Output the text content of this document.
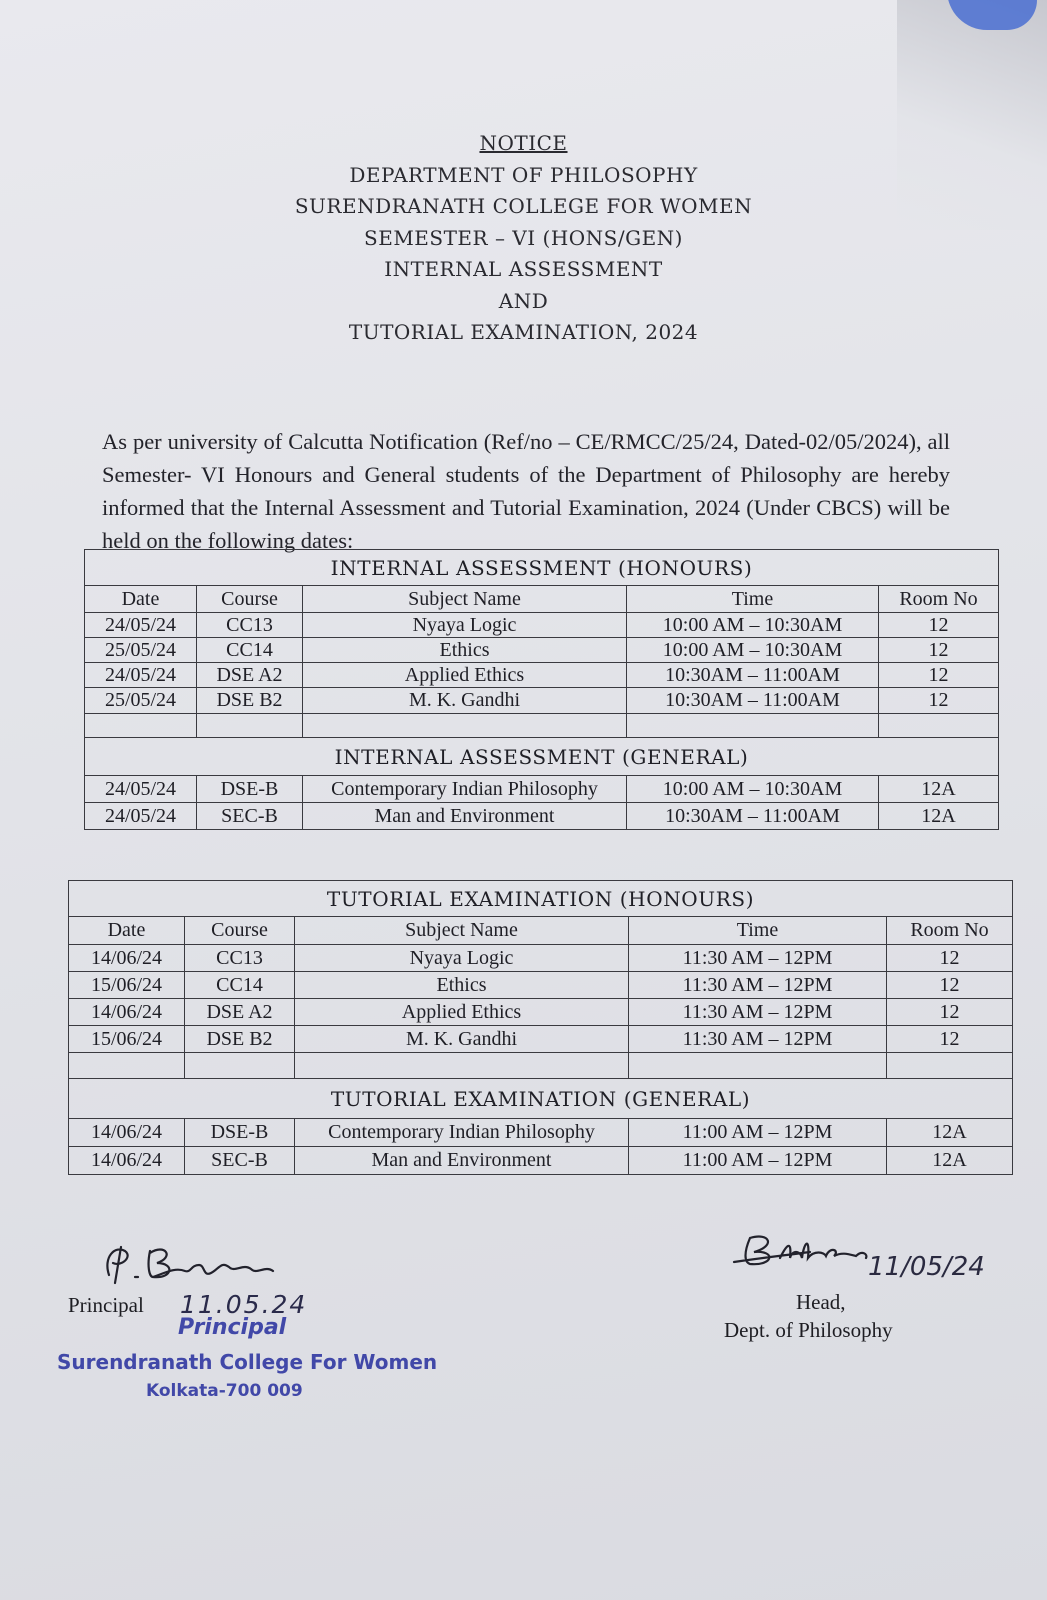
NOTICE
DEPARTMENT OF PHILOSOPHY
SURENDRANATH COLLEGE FOR WOMEN
SEMESTER – VI (HONS/GEN)
INTERNAL ASSESSMENT
AND
TUTORIAL EXAMINATION, 2024

As per university of Calcutta Notification (Ref/no – CE/RMCC/25/24, Dated-02/05/2024), all Semester- VI Honours and General students of the Department of Philosophy are hereby informed that the Internal Assessment and Tutorial Examination, 2024 (Under CBCS) will be held on the following dates:

INTERNAL ASSESSMENT (HONOURS)				
Date	Course	Subject Name	Time	Room No
24/05/24	CC13	Nyaya Logic	10:00 AM – 10:30AM	12
25/05/24	CC14	Ethics	10:00 AM – 10:30AM	12
24/05/24	DSE A2	Applied Ethics	10:30AM – 11:00AM	12
25/05/24	DSE B2	M. K. Gandhi	10:30AM – 11:00AM	12

INTERNAL ASSESSMENT (GENERAL)				
24/05/24	DSE-B	Contemporary Indian Philosophy	10:00 AM – 10:30AM	12A
24/05/24	SEC-B	Man and Environment	10:30AM – 11:00AM	12A
TUTORIAL EXAMINATION (HONOURS)				
Date	Course	Subject Name	Time	Room No
14/06/24	CC13	Nyaya Logic	11:30 AM – 12PM	12
15/06/24	CC14	Ethics	11:30 AM – 12PM	12
14/06/24	DSE A2	Applied Ethics	11:30 AM – 12PM	12
15/06/24	DSE B2	M. K. Gandhi	11:30 AM – 12PM	12

TUTORIAL EXAMINATION (GENERAL)				
14/06/24	DSE-B	Contemporary Indian Philosophy	11:00 AM – 12PM	12A
14/06/24	SEC-B	Man and Environment	11:00 AM – 12PM	12A
Principal 11.05.24
Principal
Surendranath College For Women
Kolkata-700 009
11/05/24
Head,
Dept. of Philosophy
